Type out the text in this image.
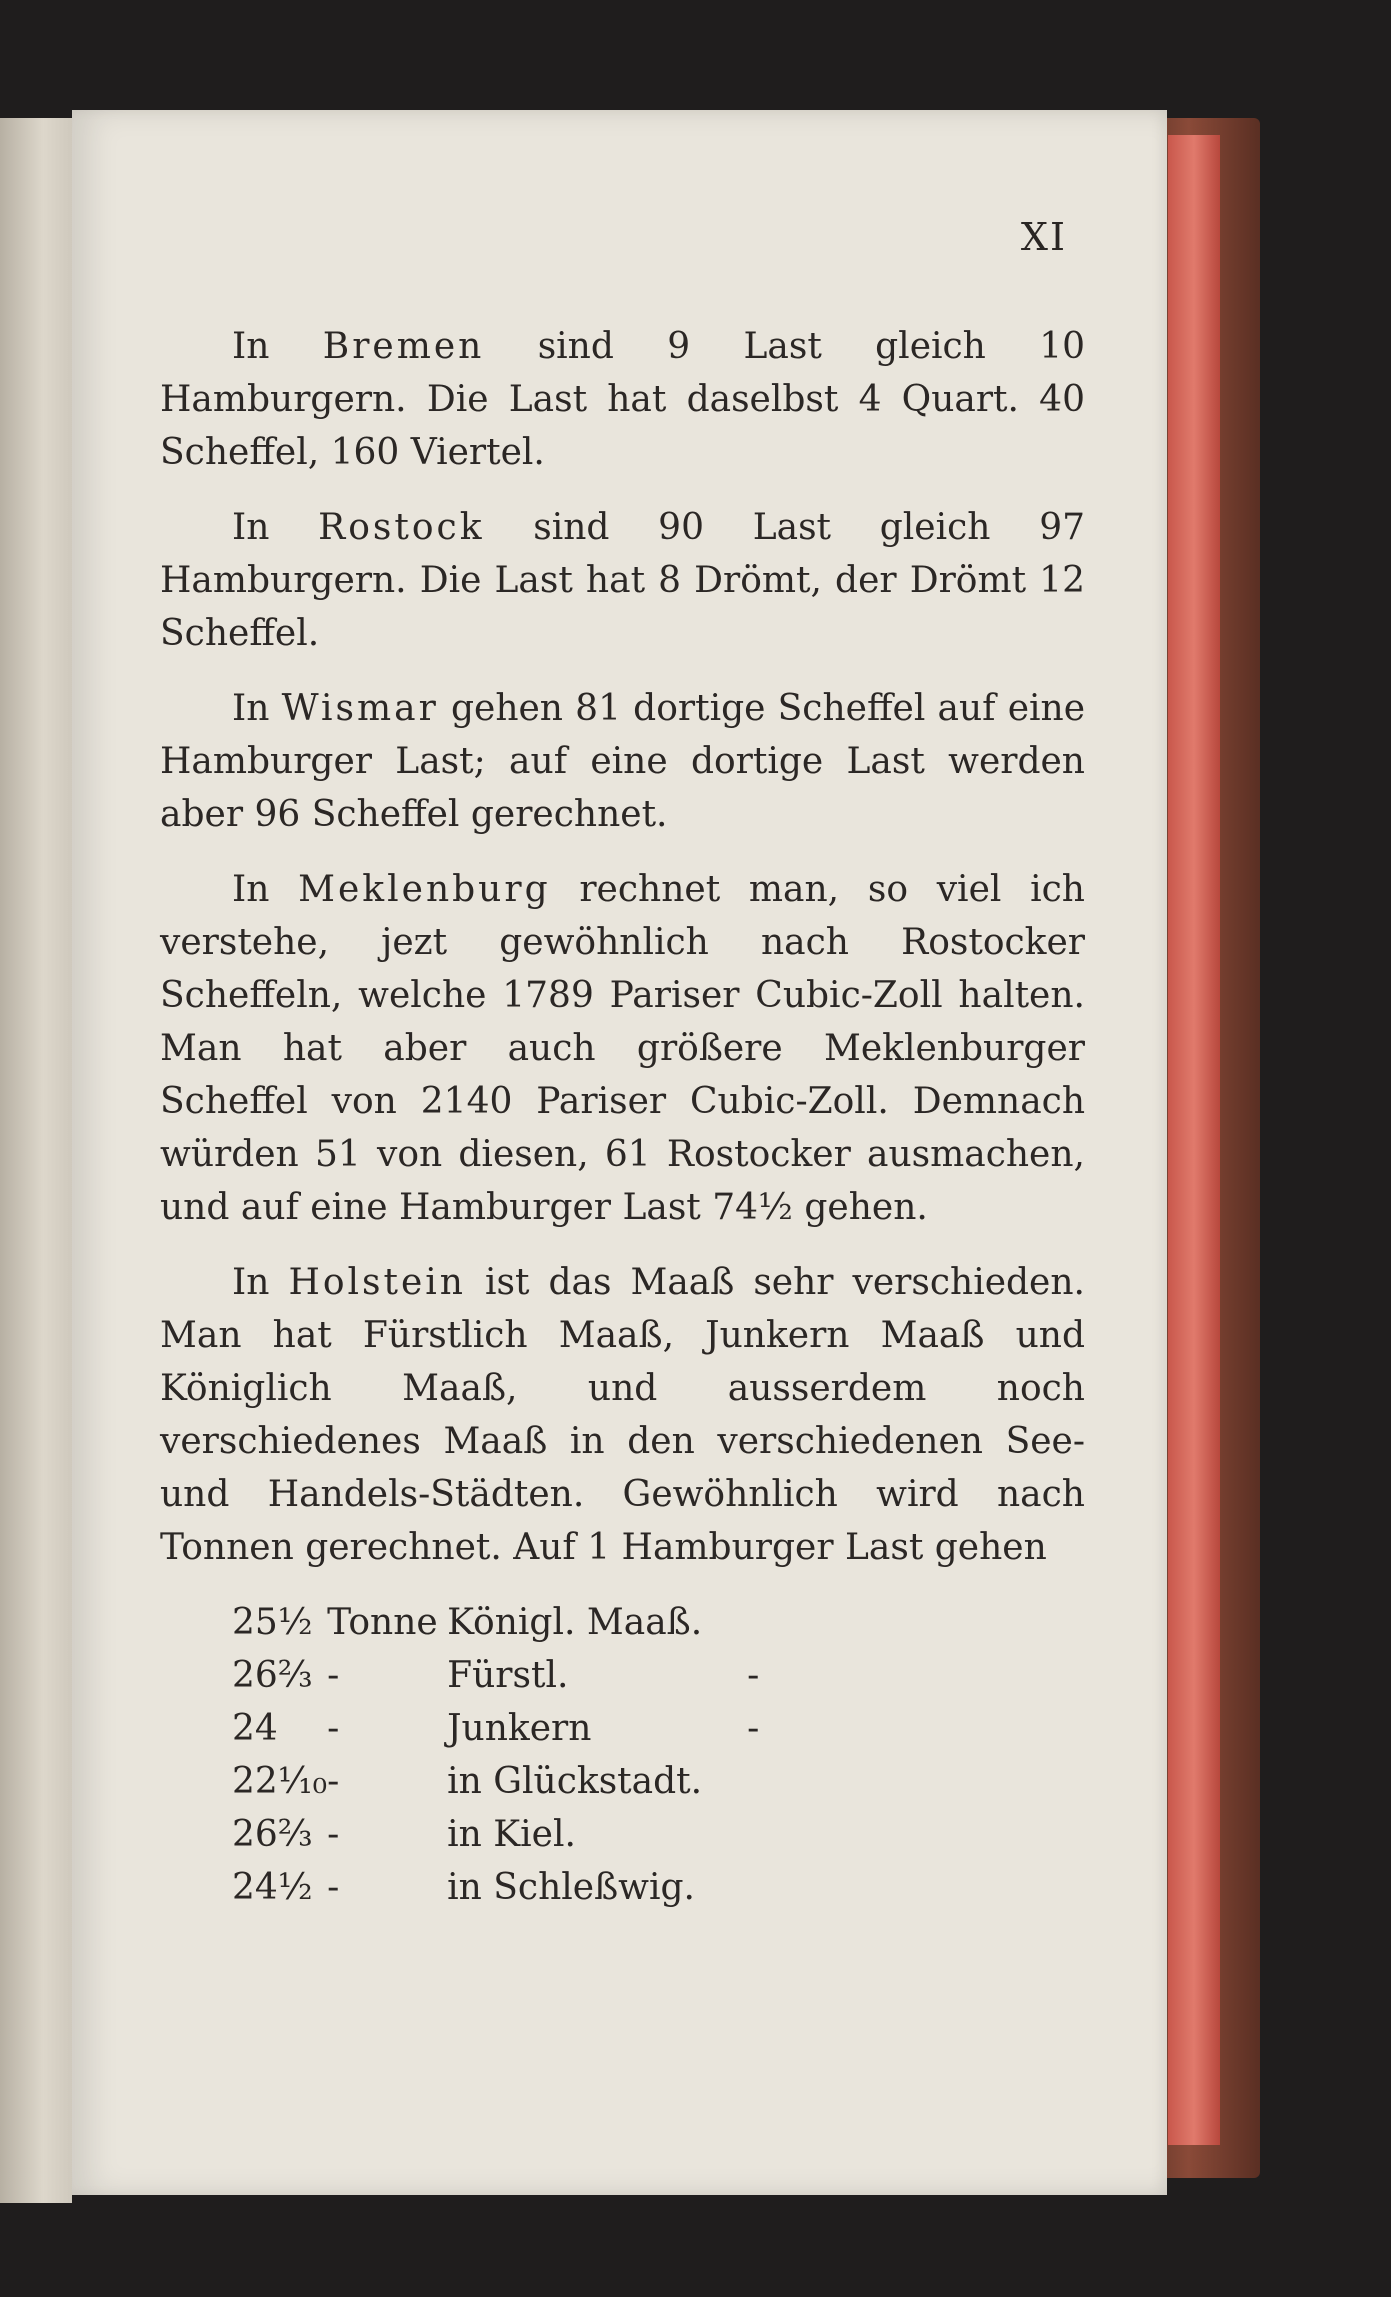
XI

In Bremen sind 9 Last gleich 10 Hamburgern. Die Last hat daselbst 4 Quart. 40 Scheffel, 160 Viertel.

In Rostock sind 90 Last gleich 97 Hamburgern. Die Last hat 8 Drömt, der Drömt 12 Scheffel.

In Wismar gehen 81 dortige Scheffel auf eine Hamburger Last; auf eine dortige Last werden aber 96 Scheffel gerechnet.

In Meklenburg rechnet man, so viel ich verstehe, jezt gewöhnlich nach Rostocker Scheffeln, welche 1789 Pariser Cubic-Zoll halten. Man hat aber auch größere Meklenburger Scheffel von 2140 Pariser Cubic-Zoll. Demnach würden 51 von diesen, 61 Rostocker ausmachen, und auf eine Hamburger Last 74½ gehen.

In Holstein ist das Maaß sehr verschieden. Man hat Fürstlich Maaß, Junkern Maaß und Königlich Maaß, und ausserdem noch verschiedenes Maaß in den verschiedenen See- und Handels-Städten. Gewöhnlich wird nach Tonnen gerechnet. Auf 1 Hamburger Last gehen

25½	Tonne	Königl. Maaß.	
26⅔	-	Fürstl.	-
24	-	Junkern	-
22¹⁄₁₀	-	in Glückstadt.	
26⅔	-	in Kiel.	
24½	-	in Schleßwig.	
